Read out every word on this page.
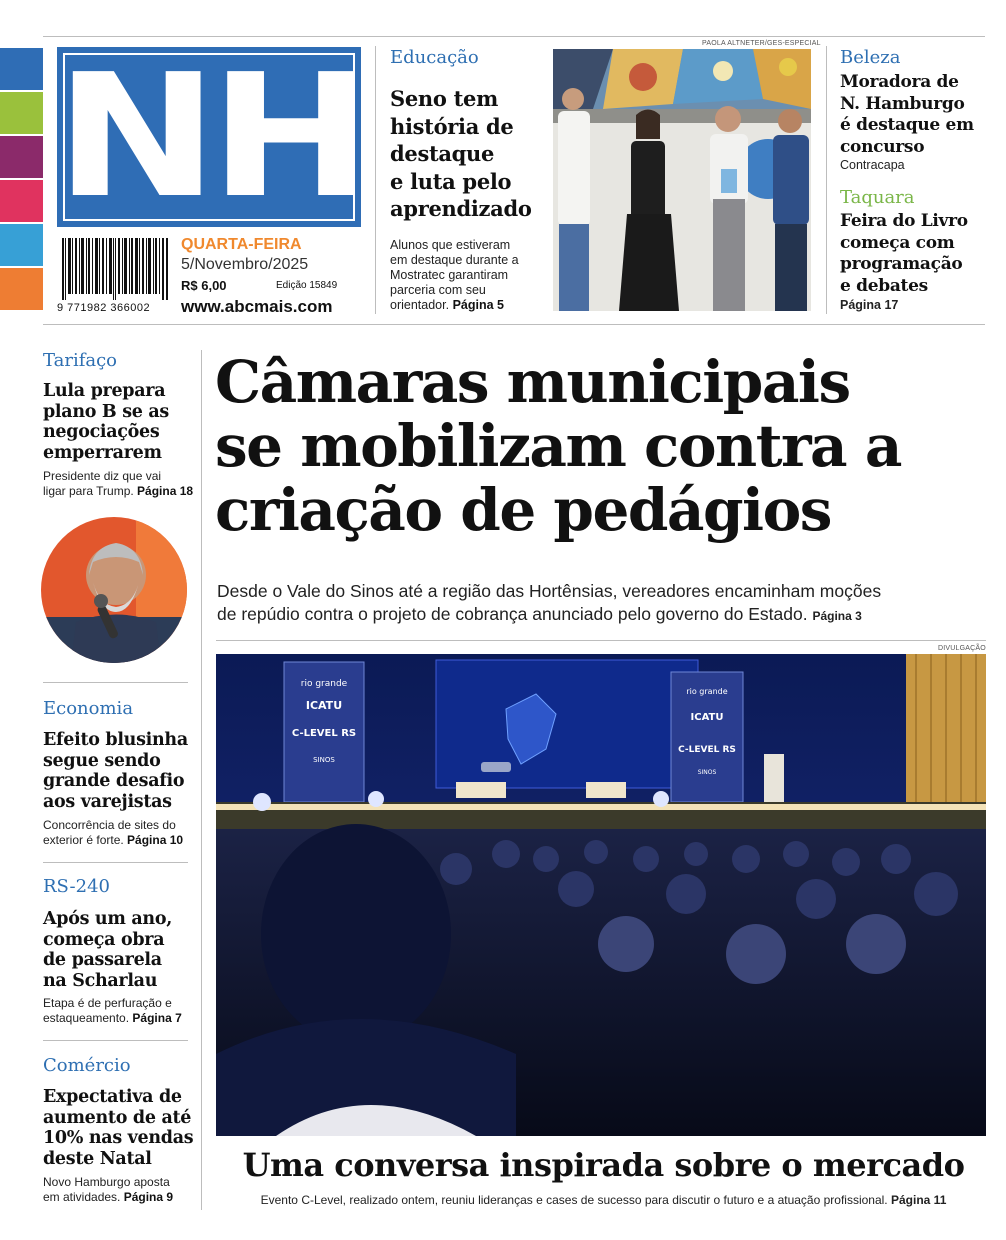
NH
9 771982 366002
QUARTA-FEIRA
5/Novembro/2025
R$ 6,00	Edição 15849
www.abcmais.com
Educação
Seno tem
história de
destaque
e luta pelo
aprendizado
Alunos que estiveram
em destaque durante a
Mostratec garantiram
parceria com seu
orientador. Página 5
PAOLA ALTNETER/GES-ESPECIAL
Beleza
Moradora de
N. Hamburgo
é destaque em
concurso
Contracapa
Taquara
Feira do Livro
começa com
programação
e debates
Página 17
Tarifaço
Lula prepara
plano B se as
negociações
emperrarem
Presidente diz que vai
ligar para Trump. Página 18
Economia
Efeito blusinha
segue sendo
grande desafio
aos varejistas
Concorrência de sites do
exterior é forte. Página 10
RS-240
Após um ano,
começa obra
de passarela
na Scharlau
Etapa é de perfuração e
estaqueamento. Página 7
Comércio
Expectativa de
aumento de até
10% nas vendas
deste Natal
Novo Hamburgo aposta
em atividades. Página 9
Câmaras municipais
se mobilizam contra a
criação de pedágios
Desde o Vale do Sinos até a região das Hortênsias, vereadores encaminham moções
de repúdio contra o projeto de cobrança anunciado pelo governo do Estado. Página 3
DIVULGAÇÃO
rio grande
ICATU
C-LEVEL RS
SINOS
rio grande
ICATU
C-LEVEL RS
SINOS
Uma conversa inspirada sobre o mercado
Evento C-Level, realizado ontem, reuniu lideranças e cases de sucesso para discutir o futuro e a atuação profissional. Página 11
